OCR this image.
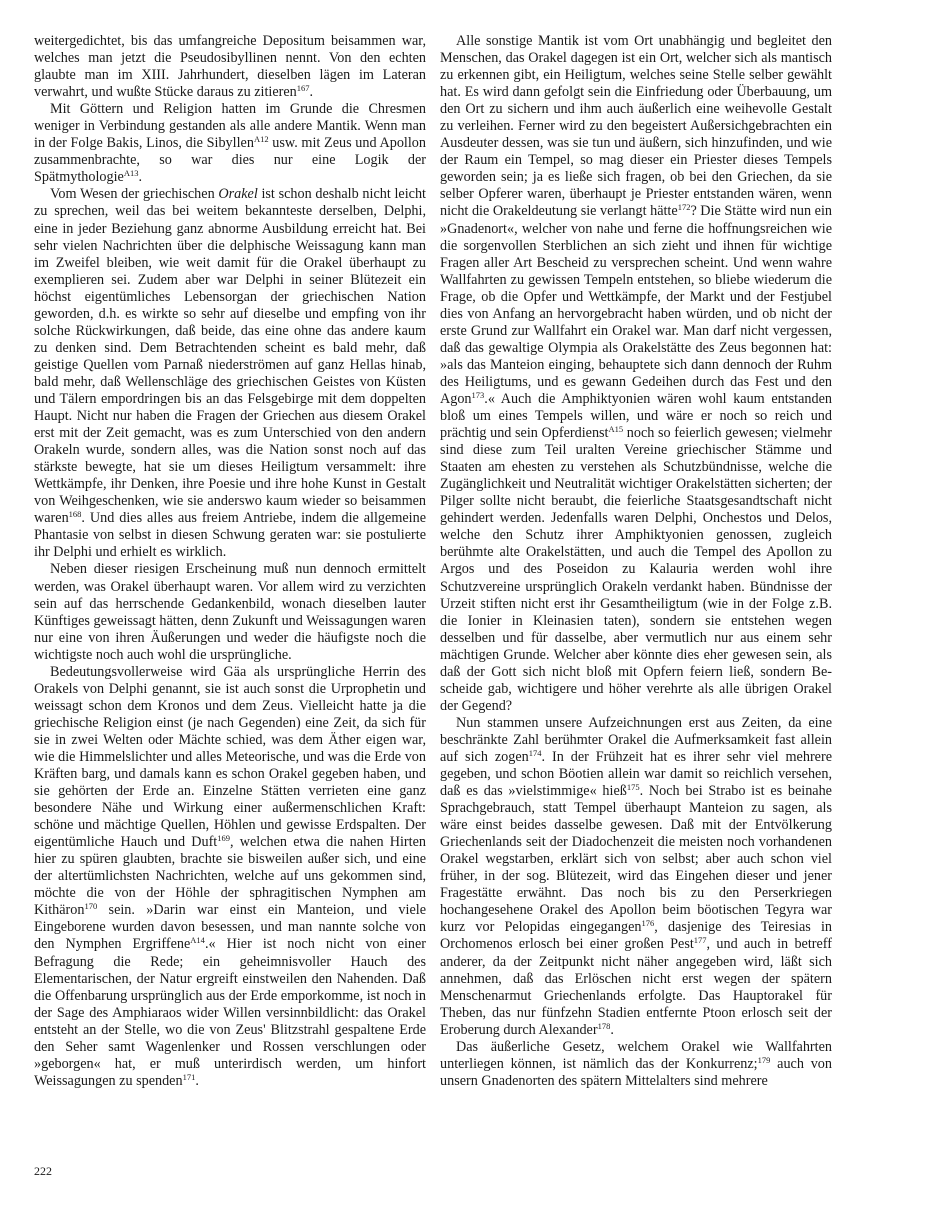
weitergedichtet, bis das umfangreiche Depositum beisammen war, welches man jetzt die Pseudosibyllinen nennt. Von den echten glaubte man im XIII. Jahrhundert, dieselben lägen im Lateran verwahrt, und wußte Stücke daraus zu zitieren$^{167}$.

Mit Göttern und Religion hatten im Grunde die Chresmen weniger in Verbindung gestanden als alle andere Mantik. Wenn man in der Folge Bakis, Linos, die Sibyllen$^{A12}$ usw. mit Zeus und Apollon zusammenbrachte, so war dies nur eine Logik der Spätmythologie$^{A13}$.

Vom Wesen der griechischen Orakel ist schon deshalb nicht leicht zu sprechen, weil das bei weitem bekannteste derselben, Delphi, eine in jeder Beziehung ganz abnorme Ausbildung erreicht hat. Bei sehr vielen Nachrichten über die delphische Weissagung kann man im Zweifel bleiben, wie weit damit für die Orakel überhaupt zu exemplieren sei. Zudem aber war Delphi in seiner Blütezeit ein höchst eigentümliches Lebensorgan der griechischen Nation geworden, d.h. es wirkte so sehr auf dieselbe und empfing von ihr solche Rückwirkungen, daß beide, das eine ohne das andere kaum zu denken sind. Dem Betrachtenden scheint es bald mehr, daß geistige Quellen vom Parnaß niederströmen auf ganz Hellas hinab, bald mehr, daß Wellenschläge des griechischen Geistes von Küsten und Tälern empordringen bis an das Felsgebirge mit dem doppelten Haupt. Nicht nur haben die Fragen der Griechen aus diesem Orakel erst mit der Zeit gemacht, was es zum Unterschied von den andern Orakeln wurde, sondern alles, was die Nation sonst noch auf das stärkste bewegte, hat sie um dieses Heiligtum versammelt: ihre Wettkämpfe, ihr Denken, ihre Poesie und ihre hohe Kunst in Gestalt von Weihgeschenken, wie sie anderswo kaum wieder so beisammen waren$^{168}$. Und dies alles aus freiem Antriebe, indem die allgemeine Phantasie von selbst in diesen Schwung geraten war: sie postulierte ihr Delphi und erhielt es wirklich.

Neben dieser riesigen Erscheinung muß nun dennoch ermittelt werden, was Orakel überhaupt waren. Vor allem wird zu verzichten sein auf das herrschende Gedankenbild, wonach dieselben lauter Künftiges geweissagt hätten, denn Zukunft und Weissagungen waren nur eine von ihren Äußerungen und weder die häufigste noch die wichtigste noch auch wohl die ursprüngliche.

Bedeutungsvollerweise wird Gäa als ursprüngliche Herrin des Orakels von Delphi genannt, sie ist auch sonst die Urprophetin und weissagt schon dem Kronos und dem Zeus. Vielleicht hatte ja die griechische Religion einst (je nach Gegenden) eine Zeit, da sich für sie in zwei Welten oder Mächte schied, was dem Äther eigen war, wie die Himmelslichter und alles Meteorische, und was die Erde von Kräften barg, und damals kann es schon Orakel gegeben haben, und sie gehörten der Erde an. Einzelne Stätten verrieten eine ganz besondere Nähe und Wirkung einer außermenschlichen Kraft: schöne und mächtige Quellen, Höhlen und gewisse Erdspalten. Der eigentümliche Hauch und Duft$^{169}$, welchen etwa die nahen Hirten hier zu spüren glaubten, brachte sie bisweilen außer sich, und eine der altertümlichsten Nachrichten, welche auf uns gekommen sind, möchte die von der Höhle der sphragitischen Nymphen am Kithäron$^{170}$ sein. »Darin war einst ein Manteion, und viele Eingeborene wurden davon besessen, und man nannte solche von den Nymphen Ergriffene$^{A14}$.« Hier ist noch nicht von einer Befragung die Rede; ein geheimnisvoller Hauch des Elementarischen, der Natur ergreift einstweilen den Nahenden. Daß die Offenbarung ursprünglich aus der Erde emporkomme, ist noch in der Sage des Amphiaraos wider Willen versinnbildlicht: das Orakel entsteht an der Stelle, wo die von Zeus' Blitzstrahl gespaltene Erde den Seher samt Wagenlenker und Rossen verschlungen oder »geborgen« hat, er muß unterirdisch werden, um hinfort Weissagungen zu spenden$^{171}$.

Alle sonstige Mantik ist vom Ort unabhängig und begleitet den Menschen, das Orakel dagegen ist ein Ort, welcher sich als mantisch zu erkennen gibt, ein Heiligtum, welches seine Stelle selber gewählt hat. Es wird dann gefolgt sein die Einfriedung oder Überbauung, um den Ort zu sichern und ihm auch äußerlich eine weihevolle Gestalt zu verleihen. Ferner wird zu den begeistert Außersichgebrachten ein Ausdeuter dessen, was sie tun und äußern, sich hinzufinden, und wie der Raum ein Tempel, so mag dieser ein Priester dieses Tempels geworden sein; ja es ließe sich fragen, ob bei den Griechen, da sie selber Opferer waren, überhaupt je Priester entstanden wären, wenn nicht die Orakeldeutung sie verlangt hätte$^{172}$? Die Stätte wird nun ein »Gnadenort«, welcher von nahe und ferne die hoffnungsreichen wie die sorgenvollen Sterblichen an sich zieht und ihnen für wichtige Fragen aller Art Bescheid zu versprechen scheint. Und wenn wahre Wallfahrten zu gewissen Tempeln entstehen, so bliebe wiederum die Frage, ob die Opfer und Wettkämpfe, der Markt und der Festjubel dies von Anfang an hervorgebracht haben würden, und ob nicht der erste Grund zur Wallfahrt ein Orakel war. Man darf nicht vergessen, daß das gewaltige Olympia als Orakelstätte des Zeus begonnen hat: »als das Manteion einging, behauptete sich dann dennoch der Ruhm des Heiligtums, und es gewann Gedeihen durch das Fest und den Agon$^{173}$.« Auch die Amphiktyonien wären wohl kaum entstanden bloß um eines Tempels willen, und wäre er noch so reich und prächtig und sein Opferdienst$^{A15}$ noch so feierlich gewesen; vielmehr sind diese zum Teil uralten Vereine griechischer Stämme und Staaten am ehesten zu verstehen als Schutzbündnisse, welche die Zugänglichkeit und Neutralität wichtiger Orakelstätten sicherten; der Pilger sollte nicht beraubt, die feierliche Staatsgesandtschaft nicht gehindert werden. Jedenfalls waren Delphi, Onchestos und Delos, welche den Schutz ihrer Amphiktyonien genossen, zugleich berühmte alte Orakelstätten, und auch die Tempel des Apollon zu Argos und des Poseidon zu Kalauria werden wohl ihre Schutzvereine ursprünglich Orakeln verdankt haben. Bündnisse der Urzeit stiften nicht erst ihr Gesamtheiligtum (wie in der Folge z.B. die Ionier in Kleinasien taten), sondern sie entstehen wegen desselben und für dasselbe, aber vermutlich nur aus einem sehr mächtigen Grunde. Welcher aber könnte dies eher gewesen sein, als daß der Gott sich nicht bloß mit Opfern feiern ließ, sondern Bescheide gab, wichtigere und höher verehrte als alle übrigen Orakel der Gegend?

Nun stammen unsere Aufzeichnungen erst aus Zeiten, da eine beschränkte Zahl berühmter Orakel die Aufmerksamkeit fast allein auf sich zogen$^{174}$. In der Frühzeit hat es ihrer sehr viel mehrere gegeben, und schon Böotien allein war damit so reichlich versehen, daß es das »vielstimmige« hieß$^{175}$. Noch bei Strabo ist es beinahe Sprachgebrauch, statt Tempel überhaupt Manteion zu sagen, als wäre einst beides dasselbe gewesen. Daß mit der Entvölkerung Griechenlands seit der Diadochenzeit die meisten noch vorhandenen Orakel wegstarben, erklärt sich von selbst; aber auch schon viel früher, in der sog. Blütezeit, wird das Eingehen dieser und jener Fragestätte erwähnt. Das noch bis zu den Perserkriegen hochangesehene Orakel des Apollon beim böotischen Tegyra war kurz vor Pelopidas eingegangen$^{176}$, dasjenige des Teiresias in Orchomenos erlosch bei einer großen Pest$^{177}$, und auch in betreff anderer, da der Zeitpunkt nicht näher angegeben wird, läßt sich annehmen, daß das Erlöschen nicht erst wegen der spätern Menschenarmut Griechenlands erfolgte. Das Hauptorakel für Theben, das nur fünfzehn Stadien entfernte Ptoon erlosch seit der Eroberung durch Alexander$^{178}$.

Das äußerliche Gesetz, welchem Orakel wie Wallfahrten unterliegen können, ist nämlich das der Konkurrenz;$^{179}$ auch von unsern Gnadenorten des spätern Mittelalters sind mehrere

222
